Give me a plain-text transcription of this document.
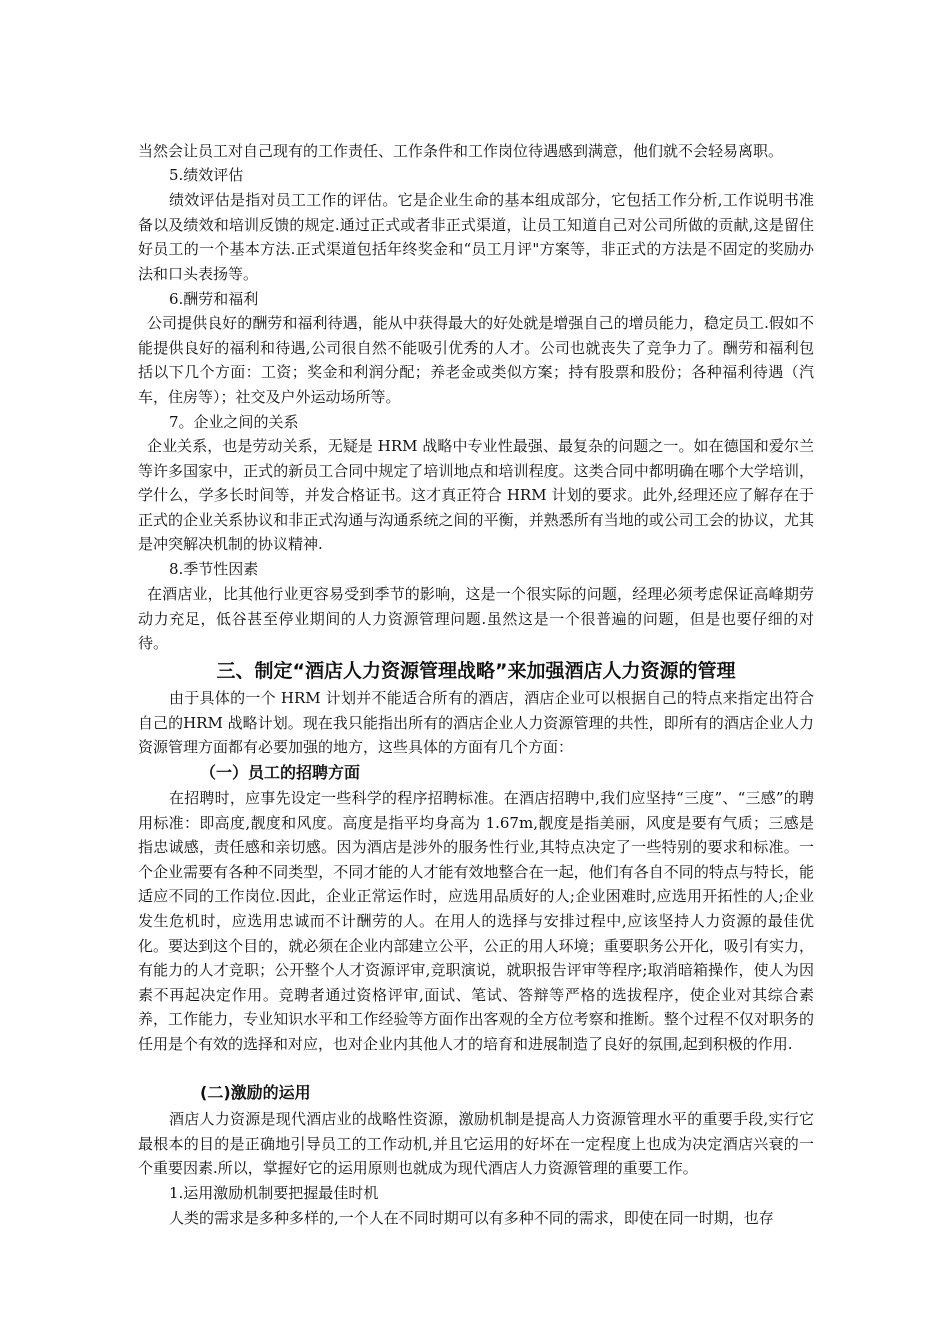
当然会让员工对自己现有的工作责任、工作条件和工作岗位待遇感到满意，他们就不会轻易离职。

5.绩效评估

绩效评估是指对员工工作的评估。它是企业生命的基本组成部分，它包括工作分析,工作说明书准备以及绩效和培训反馈的规定.通过正式或者非正式渠道，让员工知道自己对公司所做的贡献,这是留住好员工的一个基本方法.正式渠道包括年终奖金和“员工月评"方案等，非正式的方法是不固定的奖励办法和口头表扬等。

6.酬劳和福利

公司提供良好的酬劳和福利待遇，能从中获得最大的好处就是增强自己的增员能力，稳定员工.假如不能提供良好的福利和待遇,公司很自然不能吸引优秀的人才。公司也就丧失了竞争力了。酬劳和福利包括以下几个方面：工资；奖金和利润分配；养老金或类似方案；持有股票和股份；各种福利待遇（汽车，住房等）；社交及户外运动场所等。

7。企业之间的关系

企业关系，也是劳动关系，无疑是 HRM 战略中专业性最强、最复杂的问题之一。如在德国和爱尔兰等许多国家中，正式的新员工合同中规定了培训地点和培训程度。这类合同中都明确在哪个大学培训，学什么，学多长时间等，并发合格证书。这才真正符合 HRM 计划的要求。此外,经理还应了解存在于正式的企业关系协议和非正式沟通与沟通系统之间的平衡，并熟悉所有当地的或公司工会的协议，尤其是冲突解决机制的协议精神.

8.季节性因素

在酒店业，比其他行业更容易受到季节的影响，这是一个很实际的问题，经理必须考虑保证高峰期劳动力充足，低谷甚至停业期间的人力资源管理问题.虽然这是一个很普遍的问题，但是也要仔细的对待。

三、制定“酒店人力资源管理战略”来加强酒店人力资源的管理

由于具体的一个 HRM 计划并不能适合所有的酒店，酒店企业可以根据自己的特点来指定出符合自己的HRM 战略计划。现在我只能指出所有的酒店企业人力资源管理的共性，即所有的酒店企业人力资源管理方面都有必要加强的地方，这些具体的方面有几个方面：

（一）员工的招聘方面

在招聘时，应事先设定一些科学的程序招聘标准。在酒店招聘中,我们应坚持“三度”、“三感”的聘用标准：即高度,靓度和风度。高度是指平均身高为 1.67m,靓度是指美丽，风度是要有气质；三感是指忠诚感，责任感和亲切感。因为酒店是涉外的服务性行业,其特点决定了一些特别的要求和标准。一个企业需要有各种不同类型，不同才能的人才能有效地整合在一起，他们有各自不同的特点与特长，能适应不同的工作岗位.因此，企业正常运作时，应选用品质好的人;企业困难时,应选用开拓性的人;企业发生危机时，应选用忠诚而不计酬劳的人。在用人的选择与安排过程中,应该坚持人力资源的最佳优化。要达到这个目的，就必须在企业内部建立公平，公正的用人环境；重要职务公开化，吸引有实力，有能力的人才竞职；公开整个人才资源评审,竞职演说，就职报告评审等程序;取消暗箱操作，使人为因素不再起决定作用。竞聘者通过资格评审,面试、笔试、答辩等严格的选拔程序，使企业对其综合素养，工作能力，专业知识水平和工作经验等方面作出客观的全方位考察和推断。整个过程不仅对职务的任用是个有效的选择和对应，也对企业内其他人才的培育和进展制造了良好的氛围,起到积极的作用.

(二)激励的运用

酒店人力资源是现代酒店业的战略性资源，激励机制是提高人力资源管理水平的重要手段,实行它最根本的目的是正确地引导员工的工作动机,并且它运用的好坏在一定程度上也成为决定酒店兴衰的一个重要因素.所以，掌握好它的运用原则也就成为现代酒店人力资源管理的重要工作。

1.运用激励机制要把握最佳时机

人类的需求是多种多样的,一个人在不同时期可以有多种不同的需求，即使在同一时期，也存
